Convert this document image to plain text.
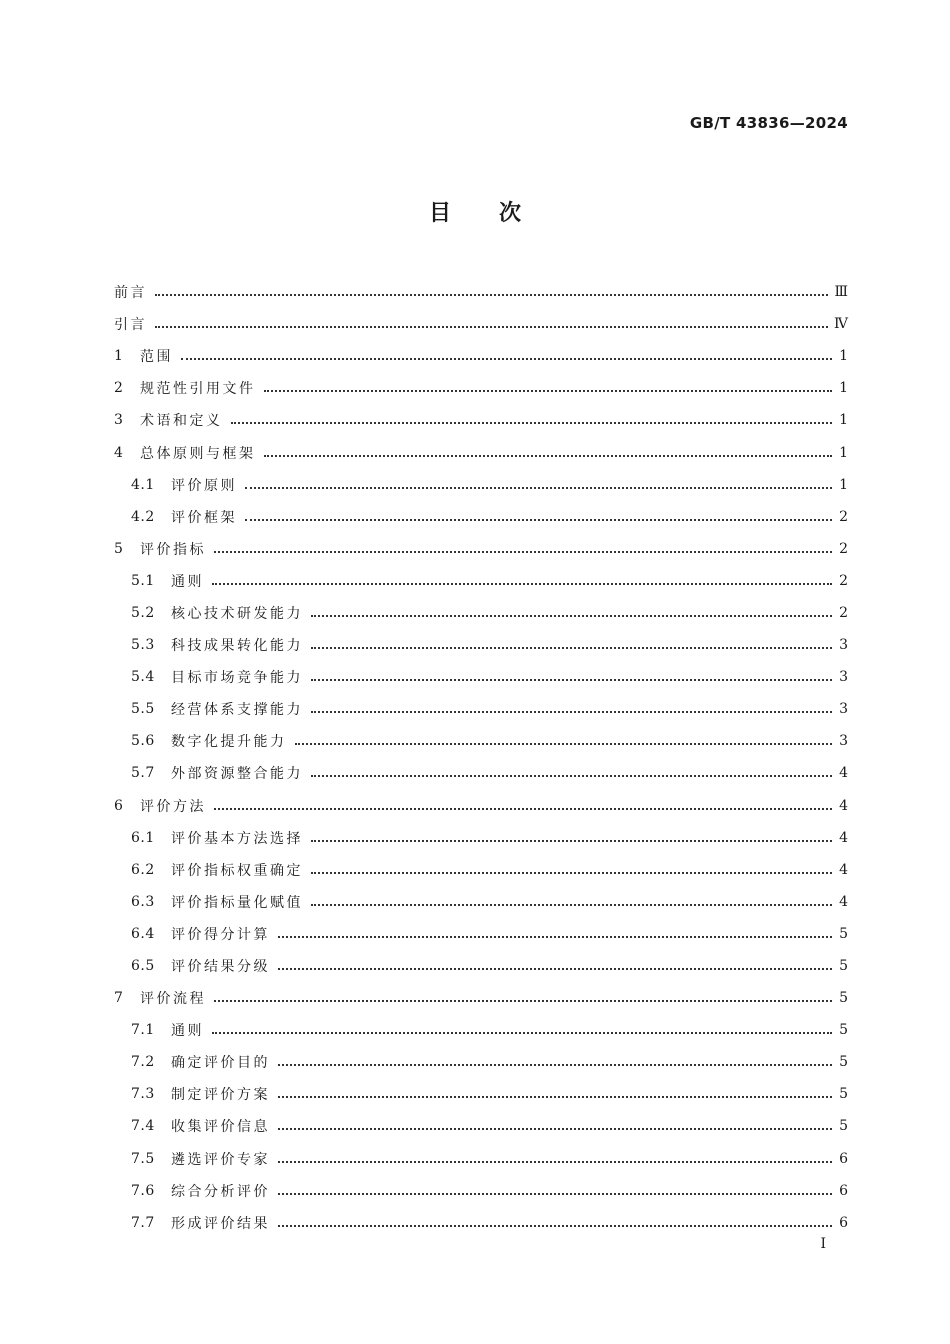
GB/T 43836—2024
目次
前言	Ⅲ
引言	Ⅳ
1	范围	1
2	规范性引用文件	1
3	术语和定义	1
4	总体原则与框架	1
4.1	评价原则	1
4.2	评价框架	2
5	评价指标	2
5.1	通则	2
5.2	核心技术研发能力	2
5.3	科技成果转化能力	3
5.4	目标市场竞争能力	3
5.5	经营体系支撑能力	3
5.6	数字化提升能力	3
5.7	外部资源整合能力	4
6	评价方法	4
6.1	评价基本方法选择	4
6.2	评价指标权重确定	4
6.3	评价指标量化赋值	4
6.4	评价得分计算	5
6.5	评价结果分级	5
7	评价流程	5
7.1	通则	5
7.2	确定评价目的	5
7.3	制定评价方案	5
7.4	收集评价信息	5
7.5	遴选评价专家	6
7.6	综合分析评价	6
7.7	形成评价结果	6
I
